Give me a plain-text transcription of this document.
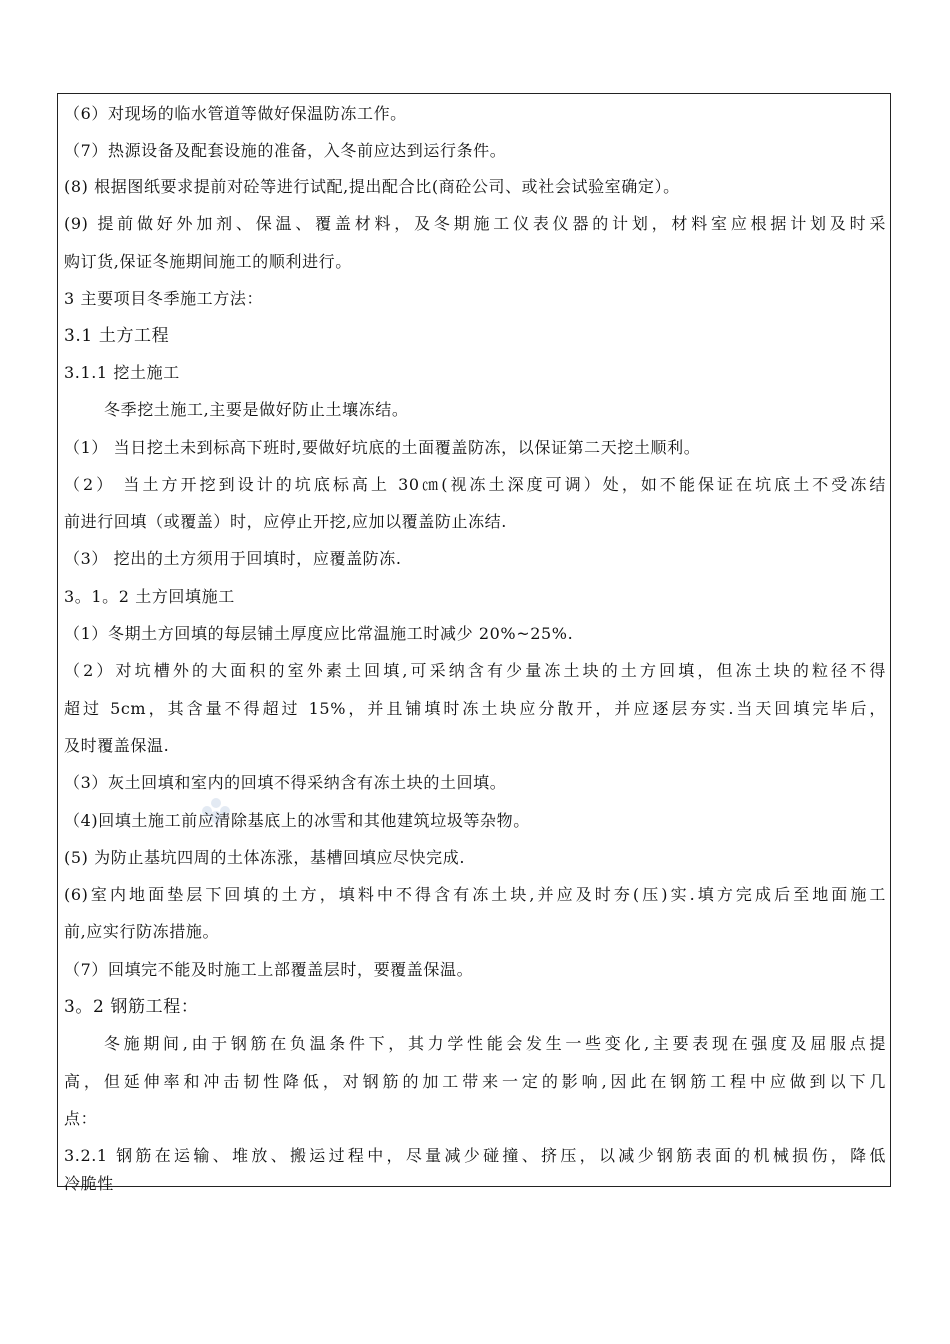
（6）对现场的临水管道等做好保温防冻工作。
（7）热源设备及配套设施的准备，入冬前应达到运行条件。
(8) 根据图纸要求提前对砼等进行试配,提出配合比(商砼公司、或社会试验室确定）。
(9) 提前做好外加剂、保温、覆盖材料，及冬期施工仪表仪器的计划，材料室应根据计划及时采
购订货,保证冬施期间施工的顺利进行。
3 主要项目冬季施工方法：
3.1 土方工程
3.1.1 挖土施工
冬季挖土施工,主要是做好防止土壤冻结。
（1） 当日挖土未到标高下班时,要做好坑底的土面覆盖防冻，以保证第二天挖土顺利。
（2） 当土方开挖到设计的坑底标高上 30㎝(视冻土深度可调）处，如不能保证在坑底土不受冻结
前进行回填（或覆盖）时，应停止开挖,应加以覆盖防止冻结.
（3） 挖出的土方须用于回填时，应覆盖防冻.
3。1。2 土方回填施工
（1）冬期土方回填的每层铺土厚度应比常温施工时减少 20%~25%.
（2）对坑槽外的大面积的室外素土回填,可采纳含有少量冻土块的土方回填，但冻土块的粒径不得
超过 5cm，其含量不得超过 15%，并且铺填时冻土块应分散开，并应逐层夯实.当天回填完毕后，
及时覆盖保温.
（3）灰土回填和室内的回填不得采纳含有冻土块的土回填。
（4)回填土施工前应清除基底上的冰雪和其他建筑垃圾等杂物。
(5) 为防止基坑四周的土体冻涨，基槽回填应尽快完成.
(6)室内地面垫层下回填的土方，填料中不得含有冻土块,并应及时夯(压)实.填方完成后至地面施工
前,应实行防冻措施。
（7）回填完不能及时施工上部覆盖层时，要覆盖保温。
3。2 钢筋工程：
冬施期间,由于钢筋在负温条件下，其力学性能会发生一些变化,主要表现在强度及屈服点提
高，但延伸率和冲击韧性降低，对钢筋的加工带来一定的影响,因此在钢筋工程中应做到以下几
点：
3.2.1 钢筋在运输、堆放、搬运过程中，尽量减少碰撞、挤压，以减少钢筋表面的机械损伤，降低
冷脆性
